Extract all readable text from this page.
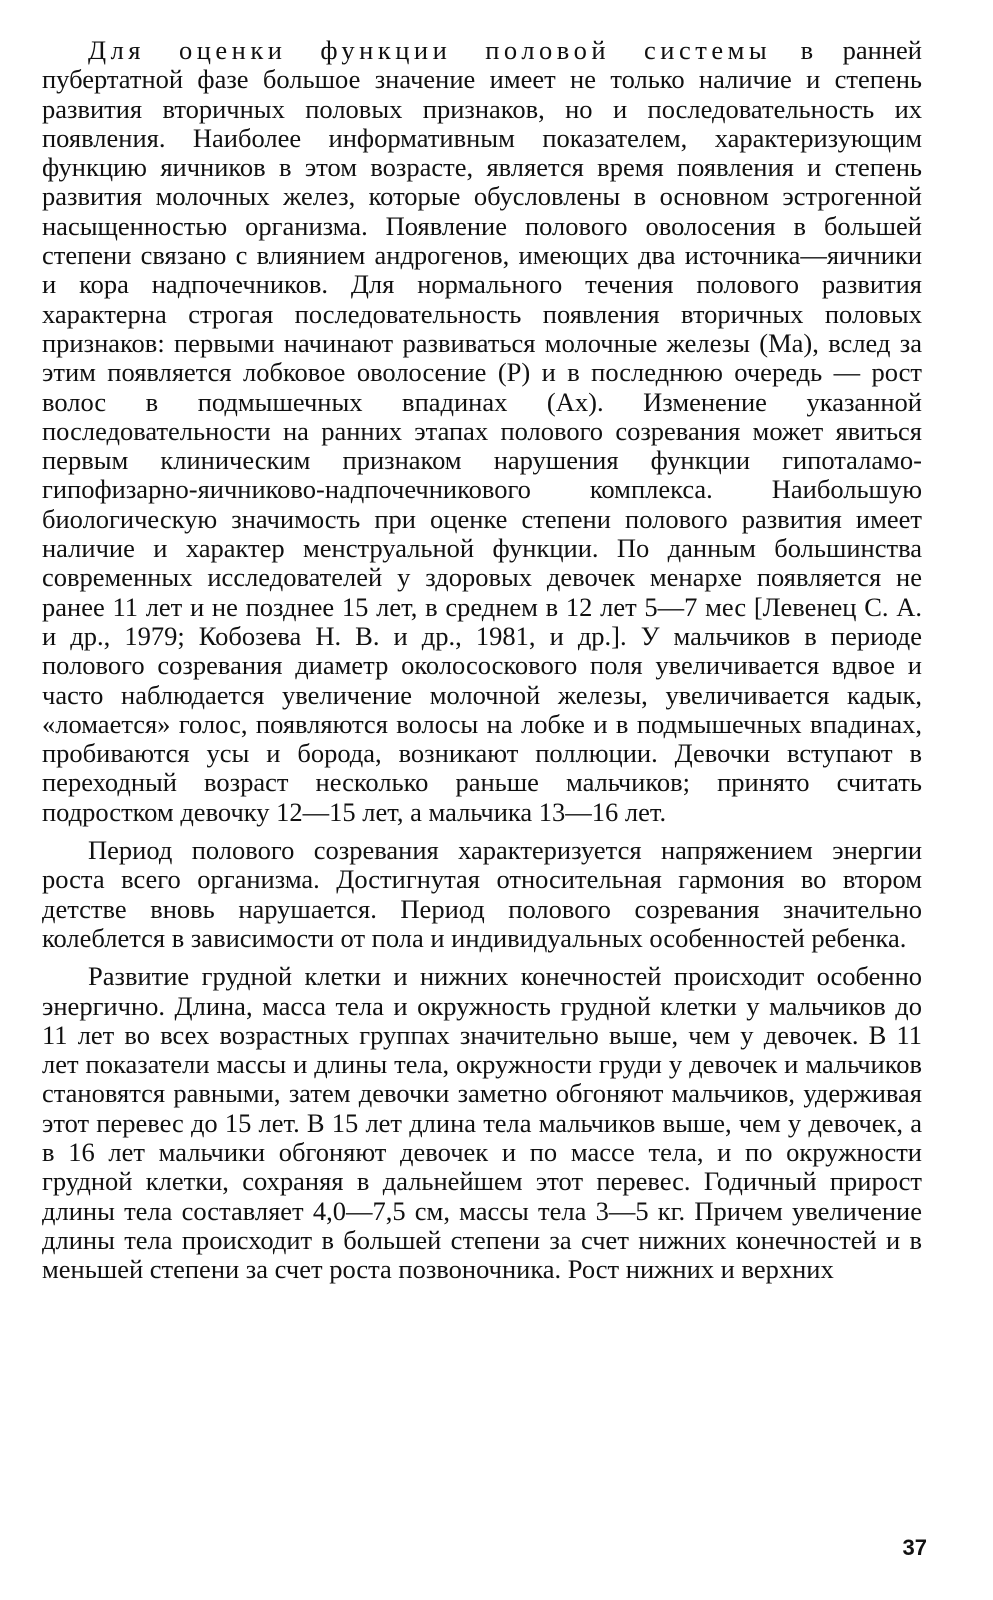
Для оценки функции половой системы в ранней пубертатной фазе большое значение имеет не только наличие и степень развития вторичных половых признаков, но и последовательность их появления. Наиболее информативным показателем, характеризующим функцию яичников в этом возрасте, является время появления и степень развития молочных желез, которые обусловлены в основном эстрогенной насыщенностью организма. Появление полового оволосения в большей степени связано с влиянием андрогенов, имеющих два источника—яичники и кора надпочечников. Для нормального течения полового развития характерна строгая последовательность появления вторичных половых признаков: первыми начинают развиваться молочные железы (Ма), вслед за этим появляется лобковое оволосение (Р) и в последнюю очередь — рост волос в подмышечных впадинах (Ах). Изменение указанной последовательности на ранних этапах полового созревания может явиться первым клиническим признаком нарушения функции гипоталамо-гипофизарно-яичниково-надпочечникового комплекса. Наибольшую биологическую значимость при оценке степени полового развития имеет наличие и характер менструальной функции. По данным большинства современных исследователей у здоровых девочек менархе появляется не ранее 11 лет и не позднее 15 лет, в среднем в 12 лет 5—7 мес [Левенец С. А. и др., 1979; Кобозева Н. В. и др., 1981, и др.]. У мальчиков в периоде полового созревания диаметр околососкового поля увеличивается вдвое и часто наблюдается увеличение молочной железы, увеличивается кадык, «ломается» голос, появляются волосы на лобке и в подмышечных впадинах, пробиваются усы и борода, возникают поллюции. Девочки вступают в переходный возраст несколько раньше мальчиков; принято считать подростком девочку 12—15 лет, а мальчика 13—16 лет.

Период полового созревания характеризуется напряжением энергии роста всего организма. Достигнутая относительная гармония во втором детстве вновь нарушается. Период полового созревания значительно колеблется в зависимости от пола и индивидуальных особенностей ребенка.

Развитие грудной клетки и нижних конечностей происходит особенно энергично. Длина, масса тела и окружность грудной клетки у мальчиков до 11 лет во всех возрастных группах значительно выше, чем у девочек. В 11 лет показатели массы и длины тела, окружности груди у девочек и мальчиков становятся равными, затем девочки заметно обгоняют мальчиков, удерживая этот перевес до 15 лет. В 15 лет длина тела мальчиков выше, чем у девочек, а в 16 лет мальчики обгоняют девочек и по массе тела, и по окружности грудной клетки, сохраняя в дальнейшем этот перевес. Годичный прирост длины тела составляет 4,0—7,5 см, массы тела 3—5 кг. Причем увеличение длины тела происходит в большей степени за счет нижних конечностей и в меньшей степени за счет роста позвоночника. Рост нижних и верхних

37
